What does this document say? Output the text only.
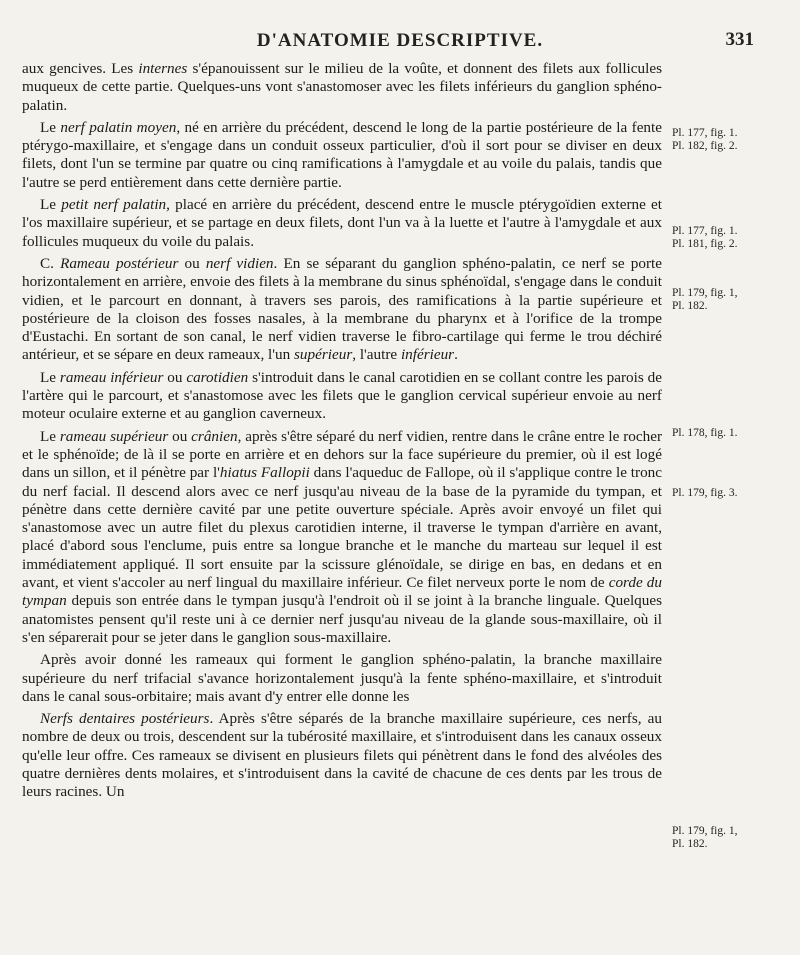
D'ANATOMIE DESCRIPTIVE.	331

aux gencives. Les internes s'épanouissent sur le milieu de la voûte, et donnent des filets aux follicules muqueux de cette partie. Quelques-uns vont s'anastomoser avec les filets inférieurs du ganglion sphéno-palatin.

Le nerf palatin moyen, né en arrière du précédent, descend le long de la partie postérieure de la fente ptérygo-maxillaire, et s'engage dans un conduit osseux particulier, d'où il sort pour se diviser en deux filets, dont l'un se termine par quatre ou cinq ramifications à l'amygdale et au voile du palais, tandis que l'autre se perd entièrement dans cette dernière partie.

Le petit nerf palatin, placé en arrière du précédent, descend entre le muscle ptérygoïdien externe et l'os maxillaire supérieur, et se partage en deux filets, dont l'un va à la luette et l'autre à l'amygdale et aux follicules muqueux du voile du palais.

C. Rameau postérieur ou nerf vidien. En se séparant du ganglion sphéno-palatin, ce nerf se porte horizontalement en arrière, envoie des filets à la membrane du sinus sphénoïdal, s'engage dans le conduit vidien, et le parcourt en donnant, à travers ses parois, des ramifications à la partie supérieure et postérieure de la cloison des fosses nasales, à la membrane du pharynx et à l'orifice de la trompe d'Eustachi. En sortant de son canal, le nerf vidien traverse le fibro-cartilage qui ferme le trou déchiré antérieur, et se sépare en deux rameaux, l'un supérieur, l'autre inférieur.

Le rameau inférieur ou carotidien s'introduit dans le canal carotidien en se collant contre les parois de l'artère qui le parcourt, et s'anastomose avec les filets que le ganglion cervical supérieur envoie au nerf moteur oculaire externe et au ganglion caverneux.

Le rameau supérieur ou crânien, après s'être séparé du nerf vidien, rentre dans le crâne entre le rocher et le sphénoïde; de là il se porte en arrière et en dehors sur la face supérieure du premier, où il est logé dans un sillon, et il pénètre par l'hiatus Fallopii dans l'aqueduc de Fallope, où il s'applique contre le tronc du nerf facial. Il descend alors avec ce nerf jusqu'au niveau de la base de la pyramide du tympan, et pénètre dans cette dernière cavité par une petite ouverture spéciale. Après avoir envoyé un filet qui s'anastomose avec un autre filet du plexus carotidien interne, il traverse le tympan d'arrière en avant, placé d'abord sous l'enclume, puis entre sa longue branche et le manche du marteau sur lequel il est immédiatement appliqué. Il sort ensuite par la scissure glénoïdale, se dirige en bas, en dedans et en avant, et vient s'accoler au nerf lingual du maxillaire inférieur. Ce filet nerveux porte le nom de corde du tympan depuis son entrée dans le tympan jusqu'à l'endroit où il se joint à la branche linguale. Quelques anatomistes pensent qu'il reste uni à ce dernier nerf jusqu'au niveau de la glande sous-maxillaire, où il s'en séparerait pour se jeter dans le ganglion sous-maxillaire.

Après avoir donné les rameaux qui forment le ganglion sphéno-palatin, la branche maxillaire supérieure du nerf trifacial s'avance horizontalement jusqu'à la fente sphéno-maxillaire, et s'introduit dans le canal sous-orbitaire; mais avant d'y entrer elle donne les

Nerfs dentaires postérieurs. Après s'être séparés de la branche maxillaire supérieure, ces nerfs, au nombre de deux ou trois, descendent sur la tubérosité maxillaire, et s'introduisent dans les canaux osseux qu'elle leur offre. Ces rameaux se divisent en plusieurs filets qui pénètrent dans le fond des alvéoles des quatre dernières dents molaires, et s'introduisent dans la cavité de chacune de ces dents par les trous de leurs racines. Un

Pl. 177, fig. 1.
Pl. 182, fig. 2.
Pl. 177, fig. 1.
Pl. 181, fig. 2.
Pl. 179, fig. 1,
Pl. 182.
Pl. 178, fig. 1.
Pl. 179, fig. 3.
Pl. 179, fig. 1,
Pl. 182.
